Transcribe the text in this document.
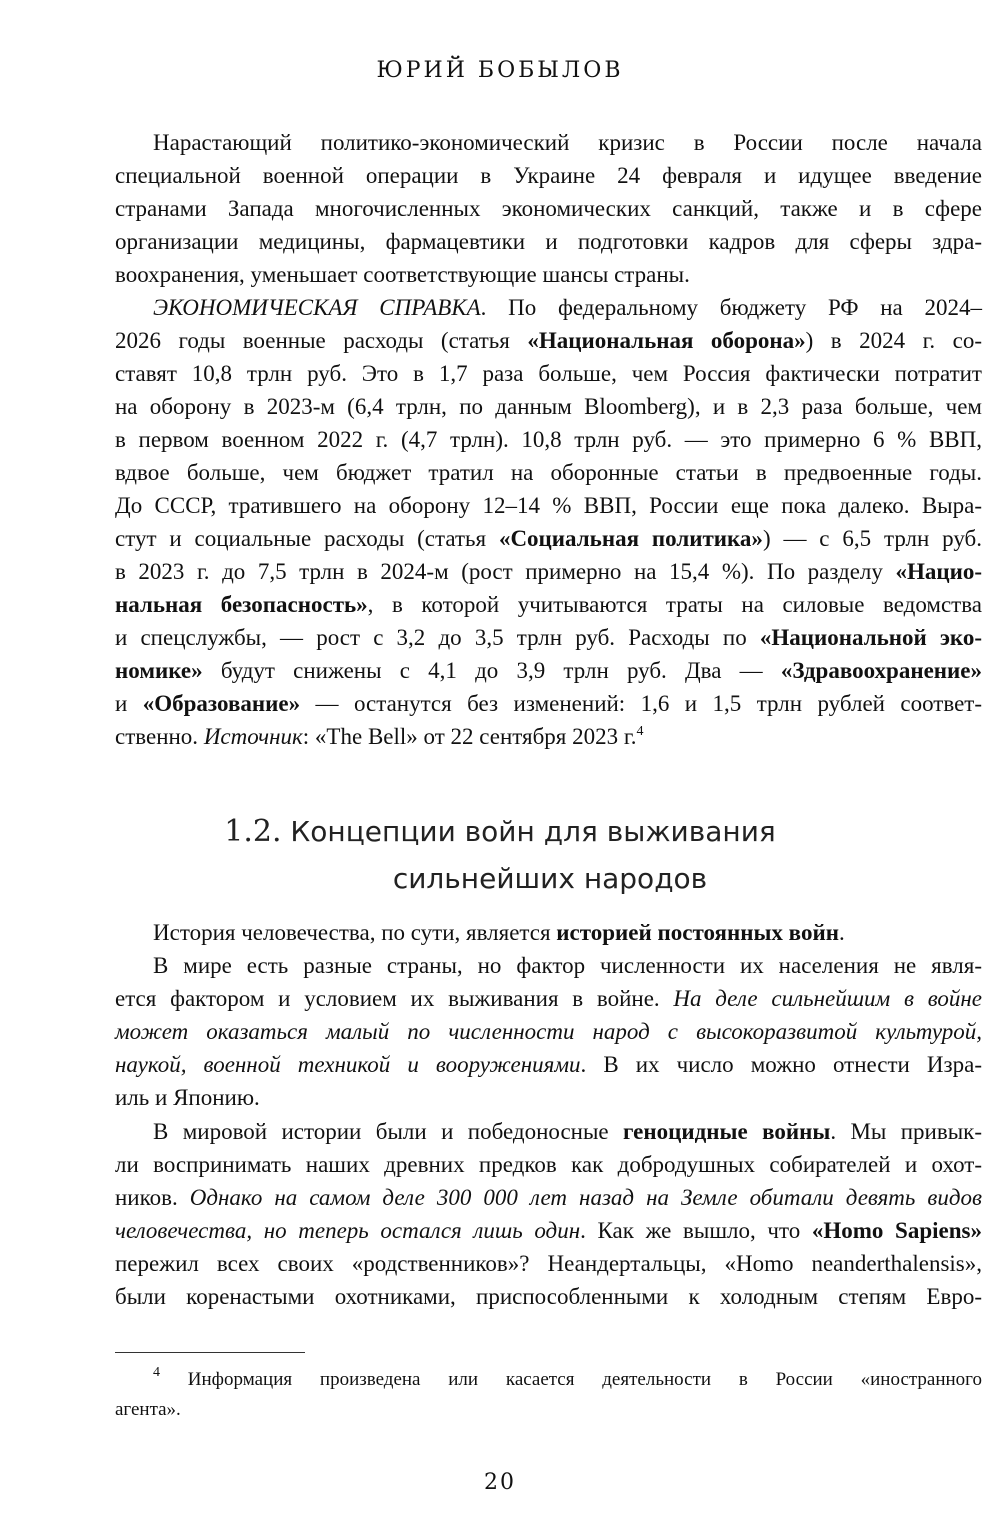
ЮРИЙ БОБЫЛОВ
Нарастающий политико-экономический кризис в России после начала
специальной военной операции в Украине 24 февраля и идущее введение
странами Запада многочисленных экономических санкций, также и в сфере
организации медицины, фармацевтики и подготовки кадров для сферы здра-
воохранения, уменьшает соответствующие шансы страны.
ЭКОНОМИЧЕСКАЯ СПРАВКА. По федеральному бюджету РФ на 2024–
2026 годы военные расходы (статья «Национальная оборона») в 2024 г. со-
ставят 10,8 трлн руб. Это в 1,7 раза больше, чем Россия фактически потратит
на оборону в 2023-м (6,4 трлн, по данным Bloomberg), и в 2,3 раза больше, чем
в первом военном 2022 г. (4,7 трлн). 10,8 трлн руб. — это примерно 6 % ВВП,
вдвое больше, чем бюджет тратил на оборонные статьи в предвоенные годы.
До СССР, тратившего на оборону 12–14 % ВВП, России еще пока далеко. Выра-
стут и социальные расходы (статья «Социальная политика») — с 6,5 трлн руб.
в 2023 г. до 7,5 трлн в 2024-м (рост примерно на 15,4 %). По разделу «Нацио-
нальная безопасность», в которой учитываются траты на силовые ведомства
и спецслужбы, — рост с 3,2 до 3,5 трлн руб. Расходы по «Национальной эко-
номике» будут снижены с 4,1 до 3,9 трлн руб. Два — «Здравоохранение»
и «Образование» — останутся без изменений: 1,6 и 1,5 трлн рублей соответ-
ственно. Источник: «The Bell» от 22 сентября 2023 г.$^4$
1.2. Концепции войн для выживания
сильнейших народов
История человечества, по сути, является историей постоянных войн.
В мире есть разные страны, но фактор численности их населения не явля-
ется фактором и условием их выживания в войне. На деле сильнейшим в войне
может оказаться малый по численности народ с высокоразвитой культурой,
наукой, военной техникой и вооружениями. В их число можно отнести Изра-
иль и Японию.
В мировой истории были и победоносные геноцидные войны. Мы привык-
ли воспринимать наших древних предков как добродушных собирателей и охот-
ников. Однако на самом деле 300 000 лет назад на Земле обитали девять видов
человечества, но теперь остался лишь один. Как же вышло, что «Homo Sapiens»
пережил всех своих «родственников»? Неандертальцы, «Homo neanderthalensis»,
были коренастыми охотниками, приспособленными к холодным степям Евро-
$^4$ Информация произведена или касается деятельности в России «иностранного
агента».
20
